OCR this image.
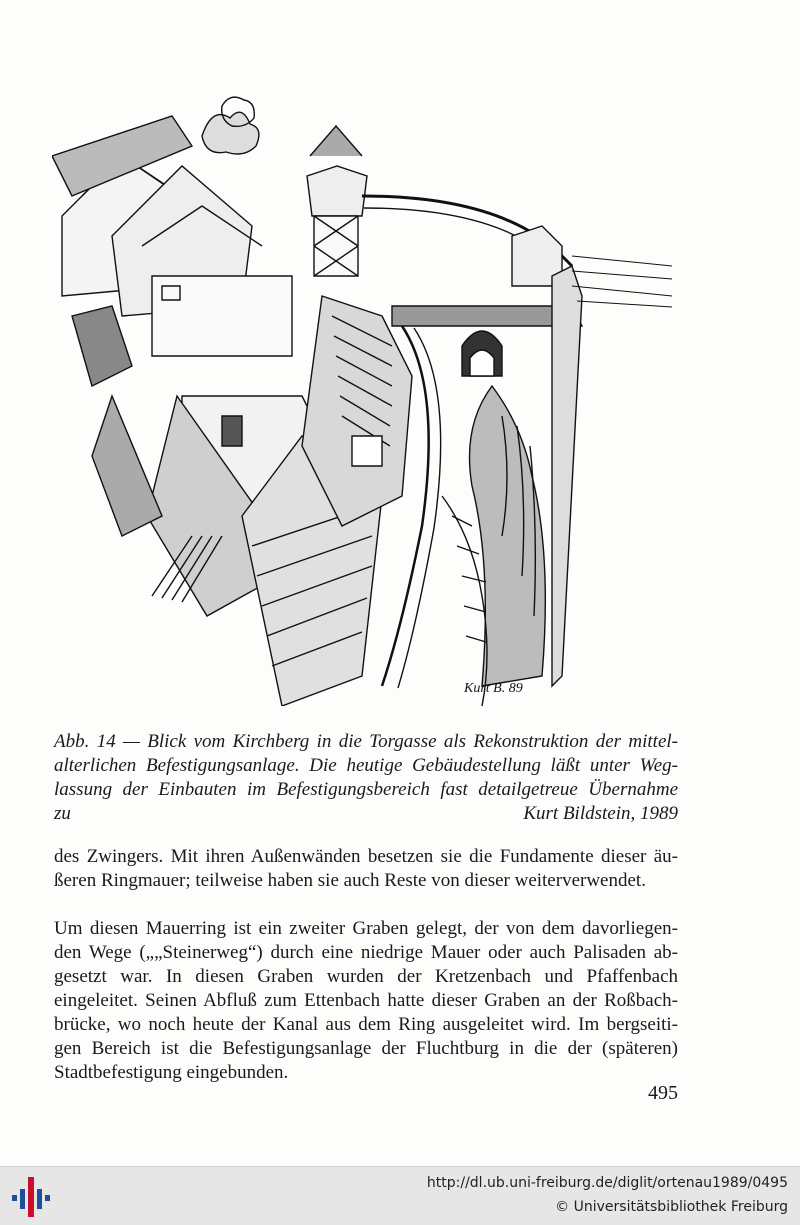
Kurt B. 89
Abb. 14 — Blick vom Kirchberg in die Torgasse als Rekonstruktion der mittel-
alterlichen Befestigungsanlage. Die heutige Gebäudestellung läßt unter Weg-
lassung der Einbauten im Befestigungsbereich fast detailgetreue Übernahme
zu	Kurt Bildstein, 1989
des Zwingers. Mit ihren Außenwänden besetzen sie die Fundamente dieser äu-
ßeren Ringmauer; teilweise haben sie auch Reste von dieser weiterverwendet.
Um diesen Mauerring ist ein zweiter Graben gelegt, der von dem davorliegen-
den Wege („„Steinerweg“) durch eine niedrige Mauer oder auch Palisaden ab-
gesetzt war. In diesen Graben wurden der Kretzenbach und Pfaffenbach
eingeleitet. Seinen Abfluß zum Ettenbach hatte dieser Graben an der Roßbach-
brücke, wo noch heute der Kanal aus dem Ring ausgeleitet wird. Im bergseiti-
gen Bereich ist die Befestigungsanlage der Fluchtburg in die der (späteren)
Stadtbefestigung eingebunden.
495
http://dl.ub.uni-freiburg.de/diglit/ortenau1989/0495
© Universitätsbibliothek Freiburg
